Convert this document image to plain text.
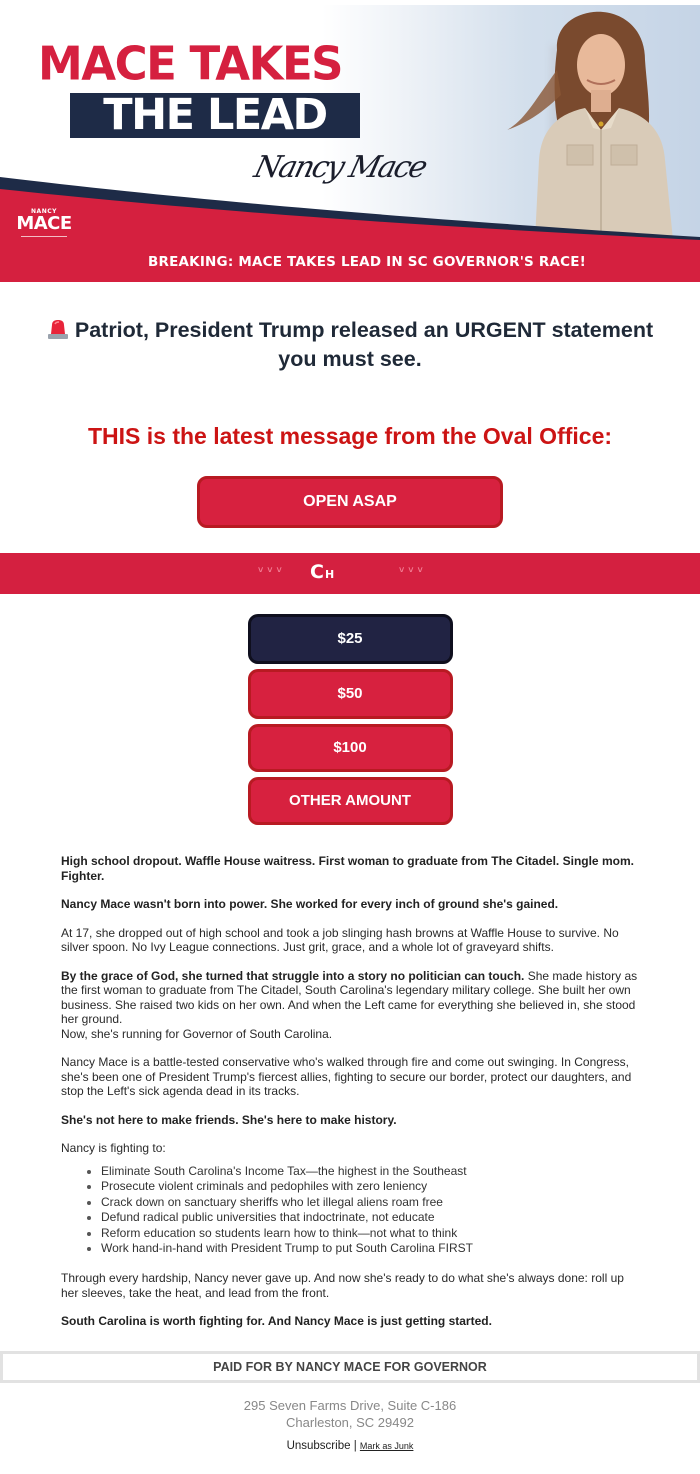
MACE TAKES
THE LEAD
Nancy Mace
NANCY
MACE
BREAKING: MACE TAKES LEAD IN SC GOVERNOR'S RACE!
Patriot, President Trump released an URGENT statement you must see.
THIS is the latest message from the Oval Office:
OPEN ASAP
˅˅˅ CH	˅˅˅
$25
$50
$100
OTHER AMOUNT

High school dropout. Waffle House waitress. First woman to graduate from The Citadel. Single mom. Fighter.

Nancy Mace wasn't born into power. She worked for every inch of ground she's gained.

At 17, she dropped out of high school and took a job slinging hash browns at Waffle House to survive. No silver spoon. No Ivy League connections. Just grit, grace, and a whole lot of graveyard shifts.

By the grace of God, she turned that struggle into a story no politician can touch. She made history as the first woman to graduate from The Citadel, South Carolina's legendary military college. She built her own business. She raised two kids on her own. And when the Left came for everything she believed in, she stood her ground.
Now, she's running for Governor of South Carolina.

Nancy Mace is a battle-tested conservative who's walked through fire and come out swinging. In Congress, she's been one of President Trump's fiercest allies, fighting to secure our border, protect our daughters, and stop the Left's sick agenda dead in its tracks.

She's not here to make friends. She's here to make history.

Nancy is fighting to:

• Eliminate South Carolina's Income Tax—the highest in the Southeast
• Prosecute violent criminals and pedophiles with zero leniency
• Crack down on sanctuary sheriffs who let illegal aliens roam free
• Defund radical public universities that indoctrinate, not educate
• Reform education so students learn how to think—not what to think
• Work hand-in-hand with President Trump to put South Carolina FIRST

Through every hardship, Nancy never gave up. And now she's ready to do what she's always done: roll up her sleeves, take the heat, and lead from the front.

South Carolina is worth fighting for. And Nancy Mace is just getting started.

PAID FOR BY NANCY MACE FOR GOVERNOR
295 Seven Farms Drive, Suite C-186
Charleston, SC 29492
Unsubscribe | Mark as Junk
